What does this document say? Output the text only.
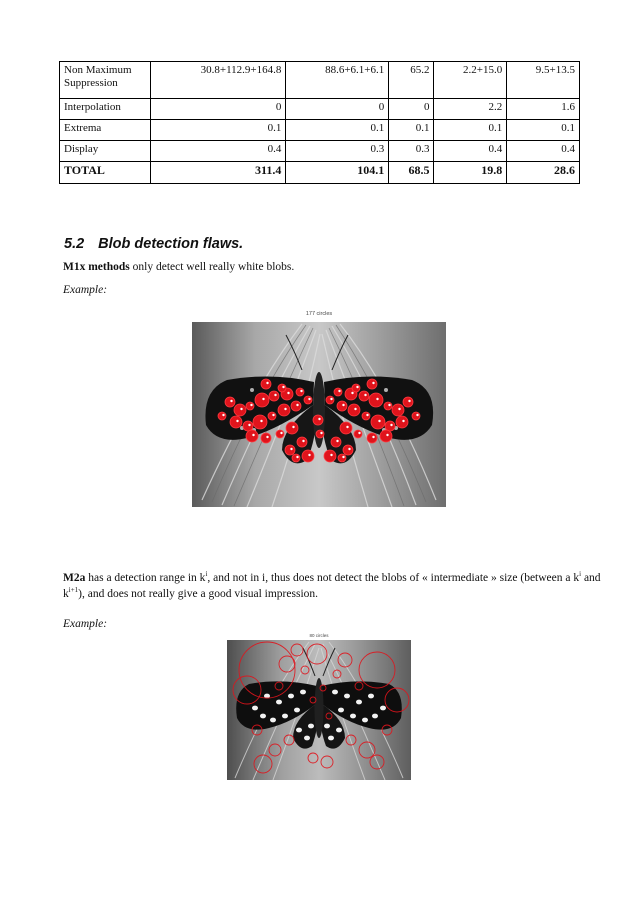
Non Maximum Suppression	30.8+112.9+164.8	88.6+6.1+6.1	65.2	2.2+15.0	9.5+13.5
Interpolation	0	0	0	2.2	1.6
Extrema	0.1	0.1	0.1	0.1	0.1
Display	0.4	0.3	0.3	0.4	0.4
TOTAL	311.4	104.1	68.5	19.8	28.6
5.2 Blob detection flaws.
M1x methods only detect well really white blobs.
Example:
177 circles
M2a has a detection range in $k^i$, and not in i, thus does not detect the blobs of « intermediate » size (between a $k^i$ and $k^{i+1}$), and does not really give a good visual impression.
Example:
80 circles
